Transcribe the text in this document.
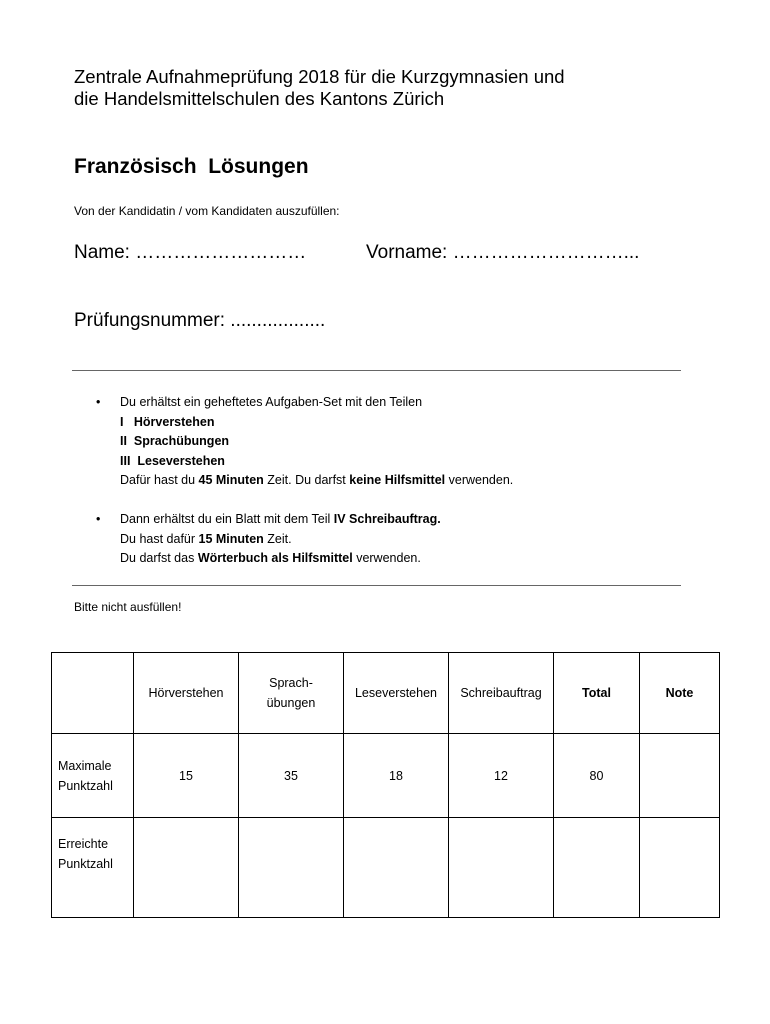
Zentrale Aufnahmeprüfung 2018 für die Kurzgymnasien und
die Handelsmittelschulen des Kantons Zürich
Französisch  Lösungen
Von der Kandidatin / vom Kandidaten auszufüllen:
Name: ………………………	Vorname: ………………………...
Prüfungsnummer: ..................
•	Du erhältst ein geheftetes Aufgaben-Set mit den Teilen
I   Hörverstehen
II  Sprachübungen
III  Leseverstehen
Dafür hast du 45 Minuten Zeit. Du darfst keine Hilfsmittel verwenden.
•	Dann erhältst du ein Blatt mit dem Teil IV Schreibauftrag.
Du hast dafür 15 Minuten Zeit.
Du darfst das Wörterbuch als Hilfsmittel verwenden.
Bitte nicht ausfüllen!
	Hörverstehen	Sprach-
übungen	Leseverstehen	Schreibauftrag	Total	Note

Maximale
Punktzahl	15	35	18	12	80	

Erreichte
Punktzahl						
